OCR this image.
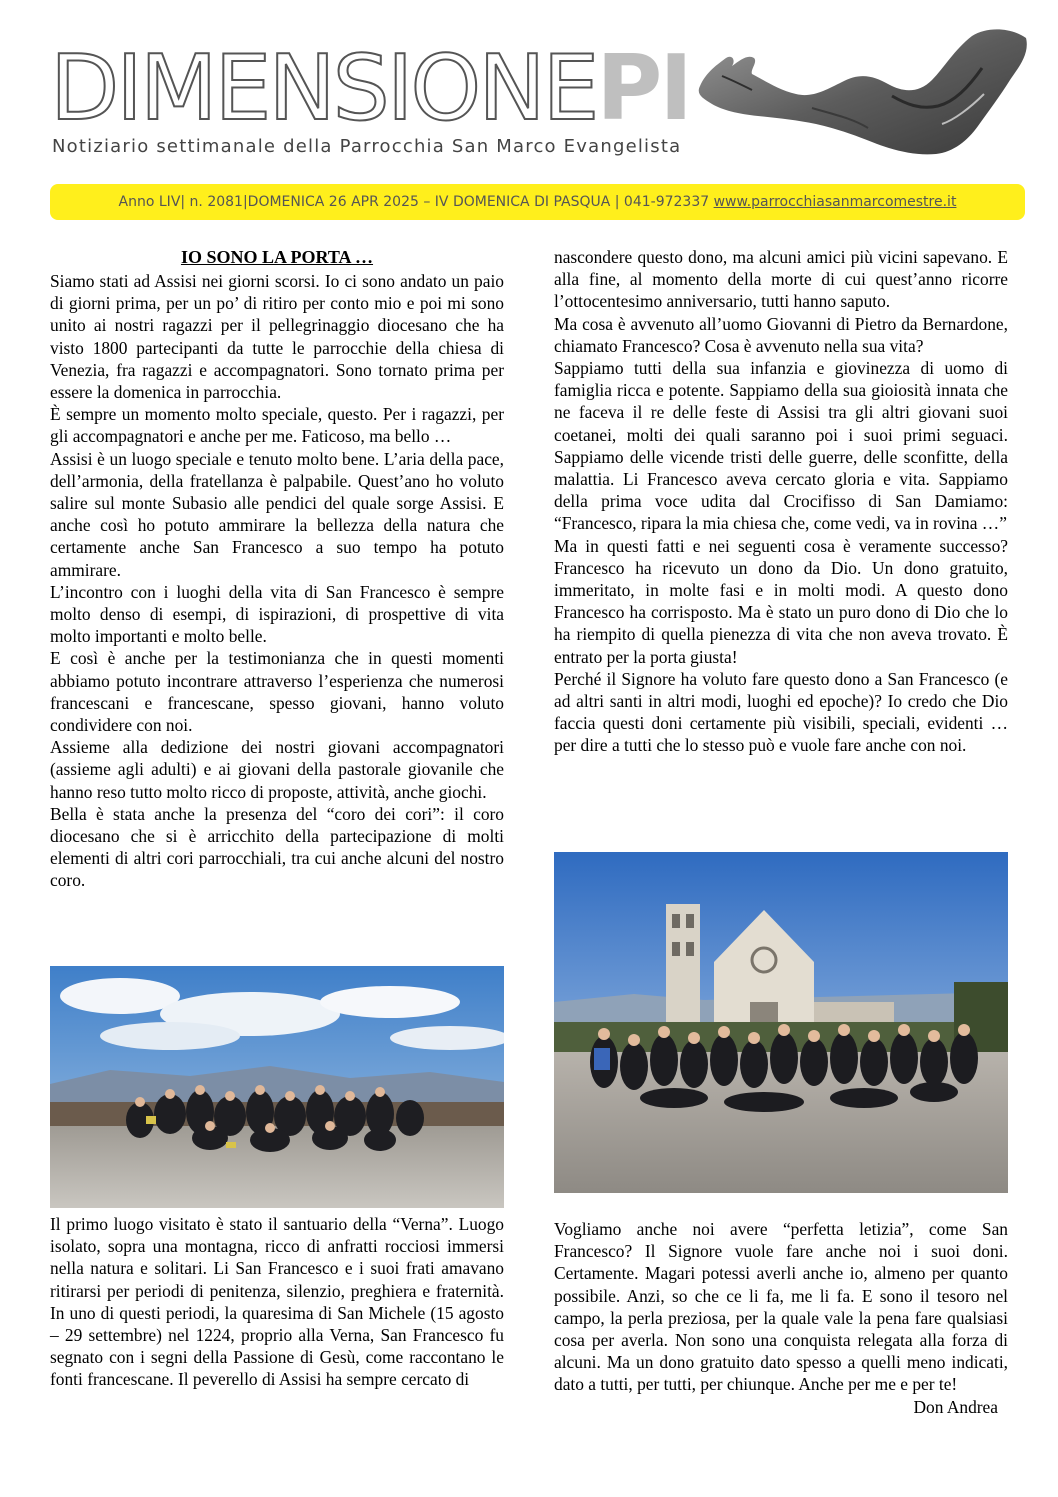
DIMENSIONEPI
Notiziario settimanale della Parrocchia San Marco Evangelista
Anno LIV| n. 2081|DOMENICA 26 APR 2025 – IV DOMENICA DI PASQUA | 041-972337 www.parrocchiasanmarcomestre.it
IO SONO LA PORTA …

Siamo stati ad Assisi nei giorni scorsi. Io ci sono andato un paio di giorni prima, per un po’ di ritiro per conto mio e poi mi sono unito ai nostri ragazzi per il pellegrinaggio diocesano che ha visto 1800 partecipanti da tutte le parrocchie della chiesa di Venezia, fra ragazzi e accompagnatori. Sono tornato prima per essere la domenica in parrocchia.

È sempre un momento molto speciale, questo. Per i ragazzi, per gli accompagnatori e anche per me. Faticoso, ma bello …

Assisi è un luogo speciale e tenuto molto bene. L’aria della pace, dell’armonia, della fratellanza è palpabile. Quest’ano ho voluto salire sul monte Subasio alle pendici del quale sorge Assisi. E anche così ho potuto ammirare la bellezza della natura che certamente anche San Francesco a suo tempo ha potuto ammirare.

L’incontro con i luoghi della vita di San Francesco è sempre molto denso di esempi, di ispirazioni, di prospettive di vita molto importanti e molto belle.

E così è anche per la testimonianza che in questi momenti abbiamo potuto incontrare attraverso l’esperienza che numerosi francescani e francescane, spesso giovani, hanno voluto condividere con noi.

Assieme alla dedizione dei nostri giovani accompagnatori (assieme agli adulti) e ai giovani della pastorale giovanile che hanno reso tutto molto ricco di proposte, attività, anche giochi.

Bella è stata anche la presenza del “coro dei cori”: il coro diocesano che si è arricchito della partecipazione di molti elementi di altri cori parrocchiali, tra cui anche alcuni del nostro coro.

Il primo luogo visitato è stato il santuario della “Verna”. Luogo isolato, sopra una montagna, ricco di anfratti rocciosi immersi nella natura e solitari. Li San Francesco e i suoi frati amavano ritirarsi per periodi di penitenza, silenzio, preghiera e fraternità. In uno di questi periodi, la quaresima di San Michele (15 agosto – 29 settembre) nel 1224, proprio alla Verna, San Francesco fu segnato con i segni della Passione di Gesù, come raccontano le fonti francescane. Il peverello di Assisi ha sempre cercato di

nascondere questo dono, ma alcuni amici più vicini sapevano. E alla fine, al momento della morte di cui quest’anno ricorre l’ottocentesimo anniversario, tutti hanno saputo.

Ma cosa è avvenuto all’uomo Giovanni di Pietro da Bernardone, chiamato Francesco? Cosa è avvenuto nella sua vita?

Sappiamo tutti della sua infanzia e giovinezza di uomo di famiglia ricca e potente. Sappiamo della sua gioiosità innata che ne faceva il re delle feste di Assisi tra gli altri giovani suoi coetanei, molti dei quali saranno poi i suoi primi seguaci. Sappiamo delle vicende tristi delle guerre, delle sconfitte, della malattia. Li Francesco aveva cercato gloria e vita. Sappiamo della prima voce udita dal Crocifisso di San Damiamo: “Francesco, ripara la mia chiesa che, come vedi, va in rovina …”

Ma in questi fatti e nei seguenti cosa è veramente successo? Francesco ha ricevuto un dono da Dio. Un dono gratuito, immeritato, in molte fasi e in molti modi. A questo dono Francesco ha corrisposto. Ma è stato un puro dono di Dio che lo ha riempito di quella pienezza di vita che non aveva trovato. È entrato per la porta giusta!

Perché il Signore ha voluto fare questo dono a San Francesco (e ad altri santi in altri modi, luoghi ed epoche)? Io credo che Dio faccia questi doni certamente più visibili, speciali, evidenti … per dire a tutti che lo stesso può e vuole fare anche con noi.

Vogliamo anche noi avere “perfetta letizia”, come San Francesco? Il Signore vuole fare anche noi i suoi doni. Certamente. Magari potessi averli anche io, almeno per quanto possibile. Anzi, so che ce li fa, me li fa. E sono il tesoro nel campo, la perla preziosa, per la quale vale la pena fare qualsiasi cosa per averla. Non sono una conquista relegata alla forza di alcuni. Ma un dono gratuito dato spesso a quelli meno indicati, dato a tutti, per tutti, per chiunque. Anche per me e per te!

Don Andrea
